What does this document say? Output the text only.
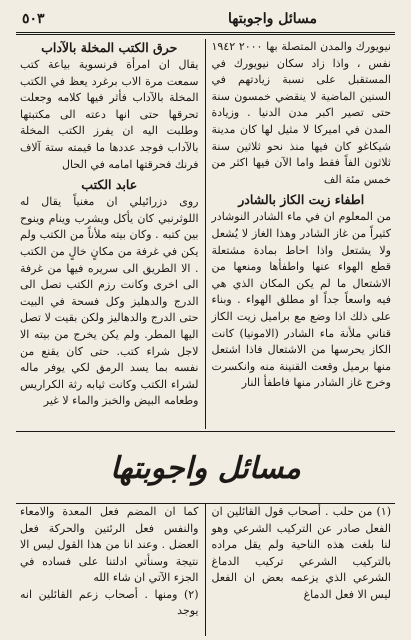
٥٠٣	مسائل واجوبتها
حرق الكتب المخلة بالآداب

يقال ان امرأة فرنسوية بياعة كتب سمعت مرة الاب برغرد يعظ في الكتب المخلة بالآداب فأثر فيها كلامه وجعلت تحرقها حتى انها دعته الى مكتبتها وطلبت اليه ان يفرز الكتب المخلة بالآداب فوجد عددها ما قيمته ستة آلاف فرنك فحرقتها امامه في الحال

عابد الكتب

روى دزرائيلي ان مغنياً يقال له اللوثرنبي كان يأكل ويشرب وينام وينوح بين كتبه . وكان بيته ملأناً من الكتب ولم يكن في غرفة من مكانٍ خالٍ من الكتب . الا الطريق الى سريره فيها من غرفة الى اخرى وكانت رزم الكتب تصل الى الدرج والدهليز وكل فسحة في البيت حتى الدرج والدهاليز ولكن بقيت لا تصل اليها المطر. ولم يكن يخرج من بيته الا لاجل شراء كتب. حتى كان يقنع من نفسه بما يسد الرمق لكي يوفر ماله لشراء الكتب وكانت ثيابه رثة الكراريس وطعامه البيض والخبز والماء لا غير

نيويورك والمدن المتصلة بها ٢٠٠٠ ١٩٤٢ نفس ، واذا زاد سكان نيويورك في المستقبل على نسبة زيادتهم في السنين الماضية لا ينقضي خمسون سنة حتى تصير اكبر مدن الدنيا . وزيادة المدن في اميركا لا مثيل لها كان مدينة شيكاغو كان فيها منذ نحو ثلاثين سنة ثلاثون الفاً فقط واما الآن فيها اكثر من خمس مئة الف

اطفاء زيت الكاز بالشادر

من المعلوم ان في ماء الشادر النوشادر كثيراً من غاز الشادر وهذا الغاز لا يُشعل ولا يشتعل واذا احاط بمادة مشتعلة قطع الهواء عنها واطفأها ومنعها من الاشتعال ما لم يكن المكان الذي هي فيه واسعاً جداً او مطلق الهواء . وبناء على ذلك اذا وضع مع براميل زيت الكاز قناني ملأنة ماء الشادر (الامونيا) كانت الكاز يحرسها من الاشتعال فاذا اشتعل منها برميل وقعت القنينة منه وانكسرت وخرج غاز الشادر منها فاطفأ النار

مسائل واجوبتها

كما ان المضم فعل المعدة والامعاء والنفس فعل الرئتين والحركة فعل العضل . وعند انا من هذا القول ليس الا نتيجة وسنأتي ادلتنا على فساده في الجزء الآتي ان شاء الله

(٢) ومنها . أصحاب زعم القائلين انه يوجد

(١) من حلب . أصحاب قول القائلين ان الفعل صادر عن التركيب الشرعي وهو لنا بلغت هذه الناحية ولم يقل مراده بالتركيب الشرعي تركيب الدماغ الشرعي الذي يزعمه بعض ان الفعل ليس الا فعل الدماغ
